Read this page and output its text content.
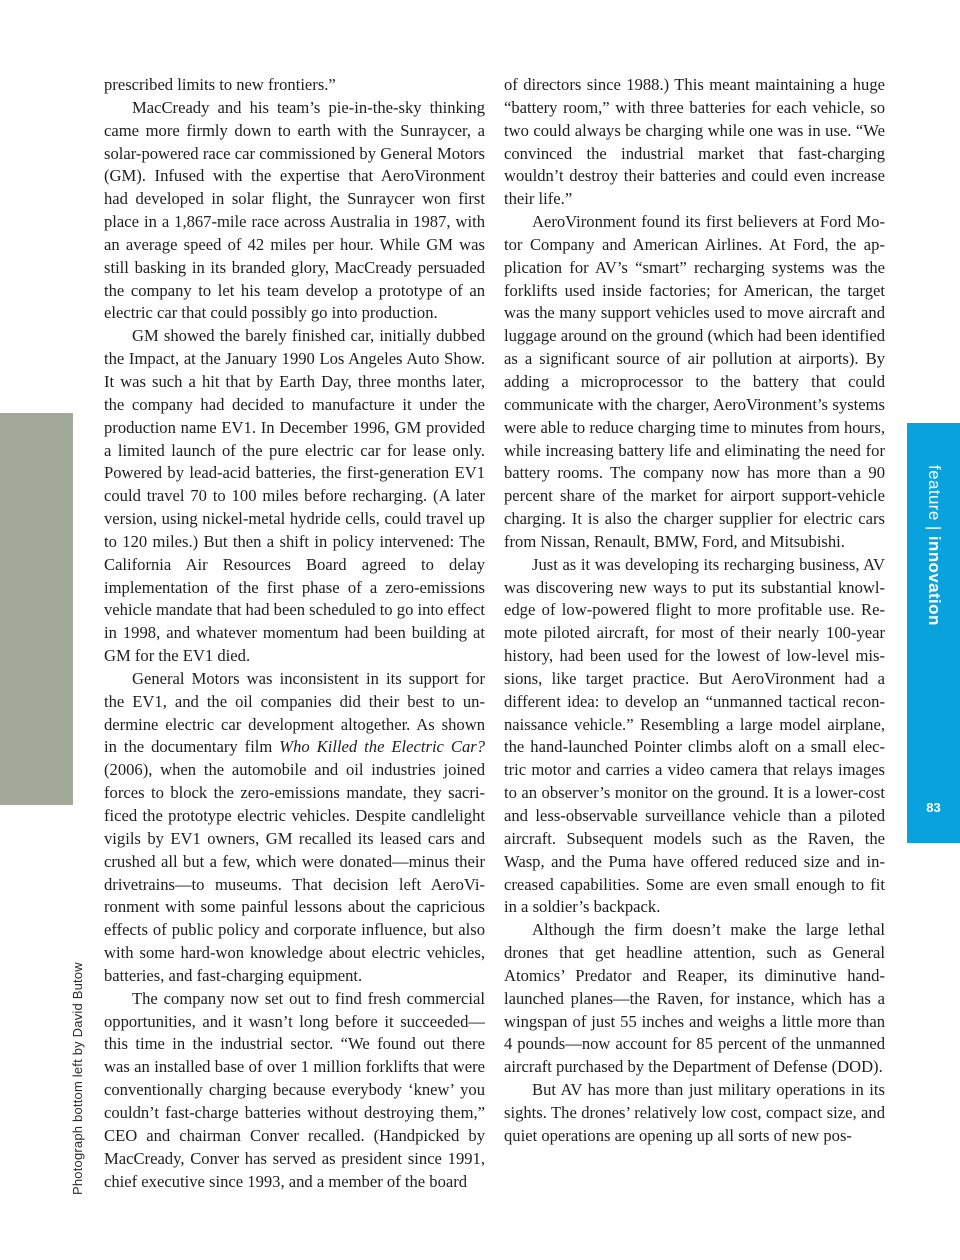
Photograph bottom left by David Butow

prescribed limits to new frontiers.”

MacCready and his team’s pie-in-the-sky thinking came more firmly down to earth with the Sunraycer, a solar-powered race car commissioned by General Motors (GM). Infused with the expertise that AeroVironment had developed in solar flight, the Sunraycer won first place in a 1,867-mile race across Australia in 1987, with an average speed of 42 miles per hour. While GM was still basking in its branded glory, MacCready persuaded the company to let his team develop a prototype of an electric car that could possibly go into production.

GM showed the barely finished car, initially dubbed the Impact, at the January 1990 Los Angeles Auto Show. It was such a hit that by Earth Day, three months later, the company had decided to manufacture it under the production name EV1. In December 1996, GM provided a limited launch of the pure electric car for lease only. Powered by lead-acid batteries, the first-generation EV1 could travel 70 to 100 miles before recharging. (A later version, using nickel-metal hydride cells, could travel up to 120 miles.) But then a shift in policy intervened: The California Air Resources Board agreed to delay implementation of the first phase of a zero-emissions vehicle mandate that had been scheduled to go into effect in 1998, and whatever momentum had been building at GM for the EV1 died.

General Motors was inconsistent in its support for the EV1, and the oil companies did their best to undermine electric car development altogether. As shown in the documentary film Who Killed the Electric Car? (2006), when the automobile and oil industries joined forces to block the zero-emissions mandate, they sacrificed the prototype electric vehicles. Despite candlelight vigils by EV1 owners, GM recalled its leased cars and crushed all but a few, which were donated—minus their drivetrains—to museums. That decision left AeroVironment with some painful lessons about the capricious effects of public policy and corporate influence, but also with some hard-won knowledge about electric vehicles, batteries, and fast-charging equipment.

The company now set out to find fresh commercial opportunities, and it wasn’t long before it succeeded—this time in the industrial sector. “We found out there was an installed base of over 1 million forklifts that were conventionally charging because everybody ‘knew’ you couldn’t fast-charge batteries without destroying them,” CEO and chairman Conver recalled. (Handpicked by MacCready, Conver has served as president since 1991, chief executive since 1993, and a member of the board

of directors since 1988.) This meant maintaining a huge “battery room,” with three batteries for each vehicle, so two could always be charging while one was in use. “We convinced the industrial market that fast-charging wouldn’t destroy their batteries and could even increase their life.”

AeroVironment found its first believers at Ford Motor Company and American Airlines. At Ford, the application for AV’s “smart” recharging systems was the forklifts used inside factories; for American, the target was the many support vehicles used to move aircraft and luggage around on the ground (which had been identified as a significant source of air pollution at airports). By adding a microprocessor to the battery that could communicate with the charger, AeroVironment’s systems were able to reduce charging time to minutes from hours, while increasing battery life and eliminating the need for battery rooms. The company now has more than a 90 percent share of the market for airport support-vehicle charging. It is also the charger supplier for electric cars from Nissan, Renault, BMW, Ford, and Mitsubishi.

Just as it was developing its recharging business, AV was discovering new ways to put its substantial knowledge of low-powered flight to more profitable use. Remote piloted aircraft, for most of their nearly 100-year history, had been used for the lowest of low-level missions, like target practice. But AeroVironment had a different idea: to develop an “unmanned tactical reconnaissance vehicle.” Resembling a large model airplane, the hand-launched Pointer climbs aloft on a small electric motor and carries a video camera that relays images to an observer’s monitor on the ground. It is a lower-cost and less-observable surveillance vehicle than a piloted aircraft. Subsequent models such as the Raven, the Wasp, and the Puma have offered reduced size and increased capabilities. Some are even small enough to fit in a soldier’s backpack.

Although the firm doesn’t make the large lethal drones that get headline attention, such as General Atomics’ Predator and Reaper, its diminutive hand-launched planes—the Raven, for instance, which has a wingspan of just 55 inches and weighs a little more than 4 pounds—now account for 85 percent of the unmanned aircraft purchased by the Department of Defense (DOD).

But AV has more than just military operations in its sights. The drones’ relatively low cost, compact size, and quiet operations are opening up all sorts of new pos-

feature | innovation
83
